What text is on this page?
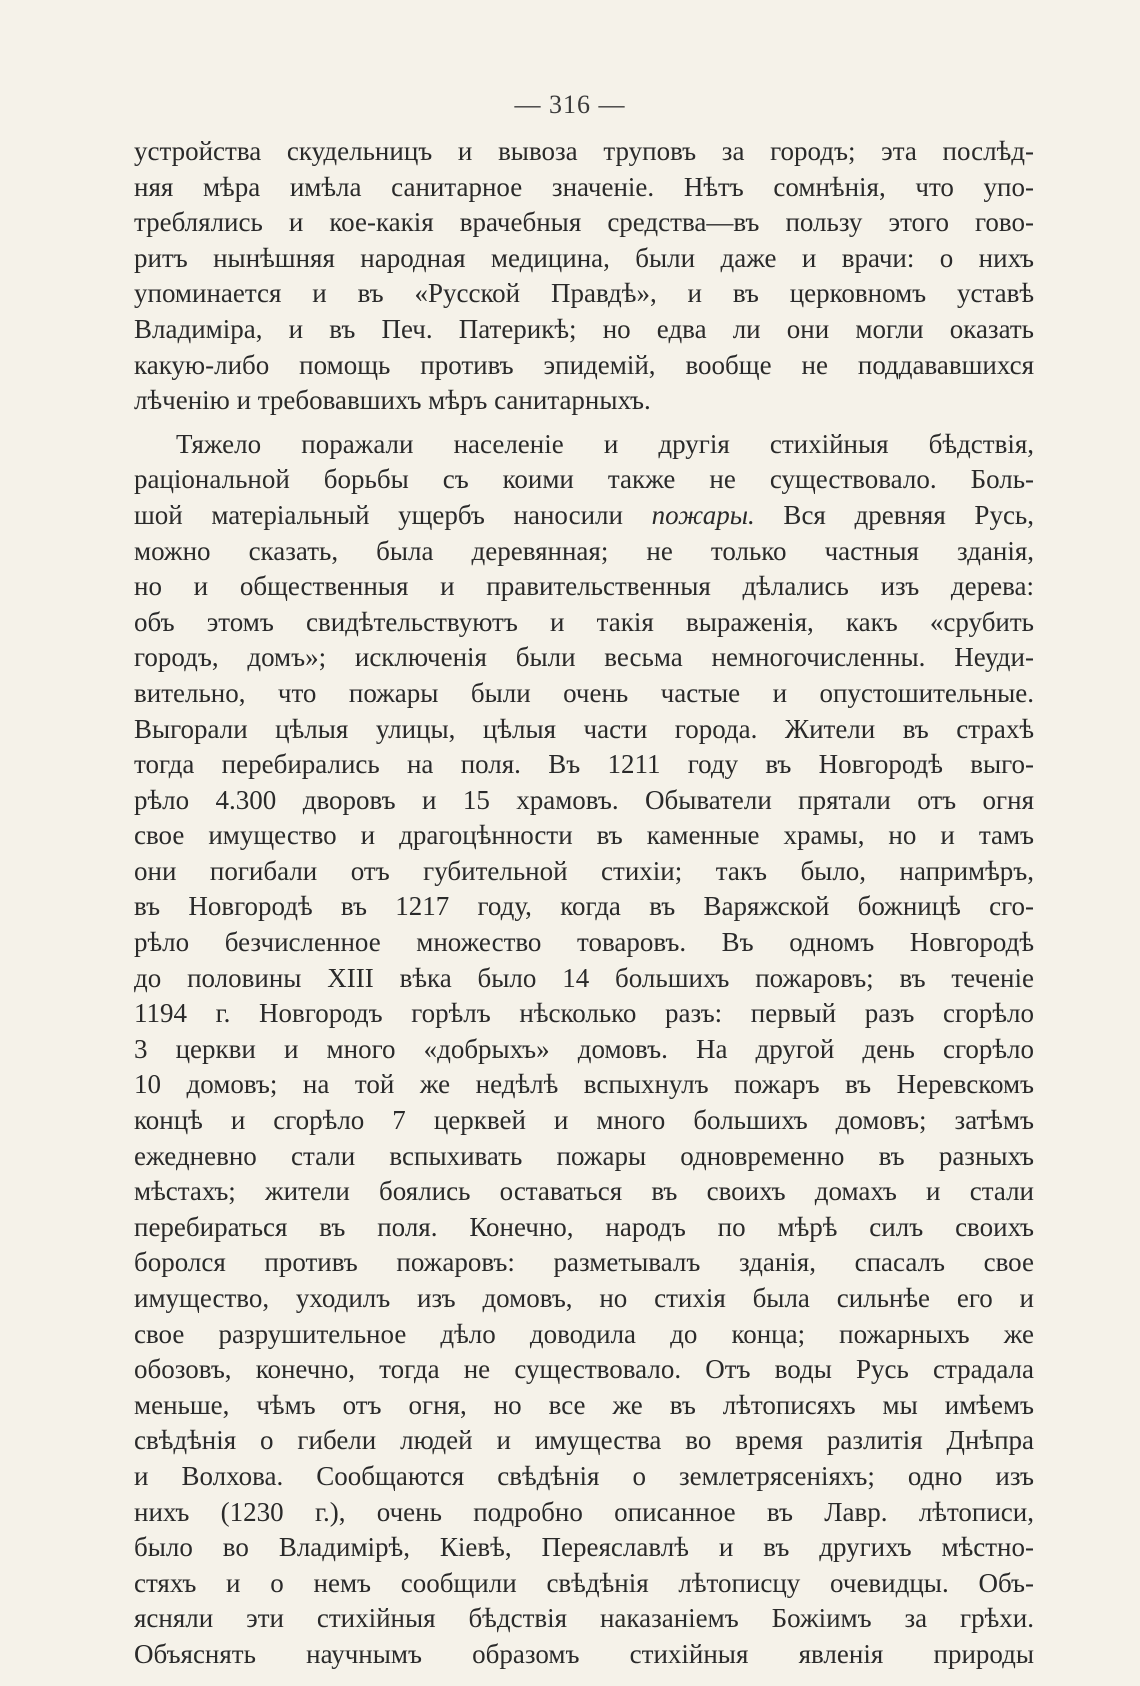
— 316 —
устройства скудельницъ и вывоза труповъ за городъ; эта послѣд-
няя мѣра имѣла санитарное значеніе. Нѣтъ сомнѣнія, что упо-
треблялись и кое-какія врачебныя средства—въ пользу этого гово-
ритъ нынѣшняя народная медицина, были даже и врачи: о нихъ
упоминается и въ «Русской Правдѣ», и въ церковномъ уставѣ
Владиміра, и въ Печ. Патерикѣ; но едва ли они могли оказать
какую-либо помощь противъ эпидемій, вообще не поддававшихся
лѣченію и требовавшихъ мѣръ санитарныхъ.
Тяжело поражали населеніе и другія стихійныя бѣдствія,
раціональной борьбы съ коими также не существовало. Боль-
шой матеріальный ущербъ наносили пожары. Вся древняя Русь,
можно сказать, была деревянная; не только частныя зданія,
но и общественныя и правительственныя дѣлались изъ дерева:
объ этомъ свидѣтельствуютъ и такія выраженія, какъ «срубить
городъ, домъ»; исключенія были весьма немногочисленны. Неуди-
вительно, что пожары были очень частые и опустошительные.
Выгорали цѣлыя улицы, цѣлыя части города. Жители въ страхѣ
тогда перебирались на поля. Въ 1211 году въ Новгородѣ выго-
рѣло 4.300 дворовъ и 15 храмовъ. Обыватели прятали отъ огня
свое имущество и драгоцѣнности въ каменные храмы, но и тамъ
они погибали отъ губительной стихіи; такъ было, напримѣръ,
въ Новгородѣ въ 1217 году, когда въ Варяжской божницѣ сго-
рѣло безчисленное множество товаровъ. Въ одномъ Новгородѣ
до половины XIII вѣка было 14 большихъ пожаровъ; въ теченіе
1194 г. Новгородъ горѣлъ нѣсколько разъ: первый разъ сгорѣло
3 церкви и много «добрыхъ» домовъ. На другой день сгорѣло
10 домовъ; на той же недѣлѣ вспыхнулъ пожаръ въ Неревскомъ
концѣ и сгорѣло 7 церквей и много большихъ домовъ; затѣмъ
ежедневно стали вспыхивать пожары одновременно въ разныхъ
мѣстахъ; жители боялись оставаться въ своихъ домахъ и стали
перебираться въ поля. Конечно, народъ по мѣрѣ силъ своихъ
боролся противъ пожаровъ: разметывалъ зданія, спасалъ свое
имущество, уходилъ изъ домовъ, но стихія была сильнѣе его и
свое разрушительное дѣло доводила до конца; пожарныхъ же
обозовъ, конечно, тогда не существовало. Отъ воды Русь страдала
меньше, чѣмъ отъ огня, но все же въ лѣтописяхъ мы имѣемъ
свѣдѣнія о гибели людей и имущества во время разлитія Днѣпра
и Волхова. Сообщаются свѣдѣнія о землетрясеніяхъ; одно изъ
нихъ (1230 г.), очень подробно описанное въ Лавр. лѣтописи,
было во Владимірѣ, Кіевѣ, Переяславлѣ и въ другихъ мѣстно-
стяхъ и о немъ сообщили свѣдѣнія лѣтописцу очевидцы. Объ-
ясняли эти стихійныя бѣдствія наказаніемъ Божіимъ за грѣхи.
Объяснять научнымъ образомъ стихійныя явленія природы
